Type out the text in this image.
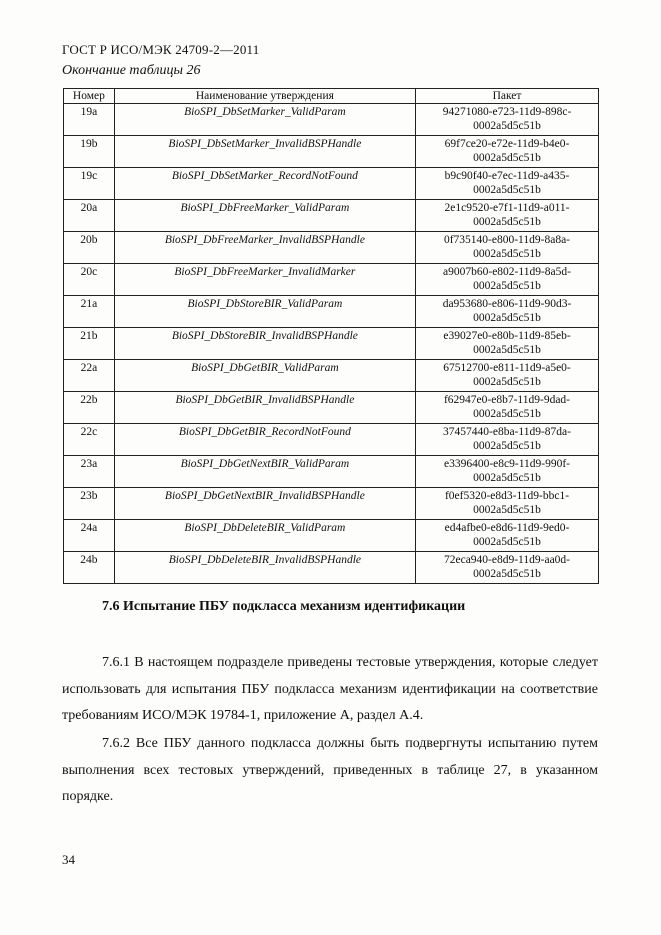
ГОСТ Р ИСО/МЭК 24709-2—2011
Окончание таблицы 26
Номер	Наименование утверждения	Пакет
19a	BioSPI_DbSetMarker_ValidParam	94271080-e723-11d9-898c-
0002a5d5c51b
19b	BioSPI_DbSetMarker_InvalidBSPHandle	69f7ce20-e72e-11d9-b4e0-
0002a5d5c51b
19c	BioSPI_DbSetMarker_RecordNotFound	b9c90f40-e7ec-11d9-a435-
0002a5d5c51b
20a	BioSPI_DbFreeMarker_ValidParam	2e1c9520-e7f1-11d9-a011-
0002a5d5c51b
20b	BioSPI_DbFreeMarker_InvalidBSPHandle	0f735140-e800-11d9-8a8a-
0002a5d5c51b
20c	BioSPI_DbFreeMarker_InvalidMarker	a9007b60-e802-11d9-8a5d-
0002a5d5c51b
21a	BioSPI_DbStoreBIR_ValidParam	da953680-e806-11d9-90d3-
0002a5d5c51b
21b	BioSPI_DbStoreBIR_InvalidBSPHandle	e39027e0-e80b-11d9-85eb-
0002a5d5c51b
22a	BioSPI_DbGetBIR_ValidParam	67512700-e811-11d9-a5e0-
0002a5d5c51b
22b	BioSPI_DbGetBIR_InvalidBSPHandle	f62947e0-e8b7-11d9-9dad-
0002a5d5c51b
22c	BioSPI_DbGetBIR_RecordNotFound	37457440-e8ba-11d9-87da-
0002a5d5c51b
23a	BioSPI_DbGetNextBIR_ValidParam	e3396400-e8c9-11d9-990f-
0002a5d5c51b
23b	BioSPI_DbGetNextBIR_InvalidBSPHandle	f0ef5320-e8d3-11d9-bbc1-
0002a5d5c51b
24a	BioSPI_DbDeleteBIR_ValidParam	ed4afbe0-e8d6-11d9-9ed0-
0002a5d5c51b
24b	BioSPI_DbDeleteBIR_InvalidBSPHandle	72eca940-e8d9-11d9-aa0d-
0002a5d5c51b
7.6 Испытание ПБУ подкласса механизм идентификации
7.6.1 В настоящем подразделе приведены тестовые утверждения, которые следует использовать для испытания ПБУ подкласса механизм идентификации на соответствие требованиям ИСО/МЭК 19784-1, приложение А, раздел А.4.
7.6.2 Все ПБУ данного подкласса должны быть подвергнуты испытанию путем выполнения всех тестовых утверждений, приведенных в таблице 27, в указанном порядке.
34
